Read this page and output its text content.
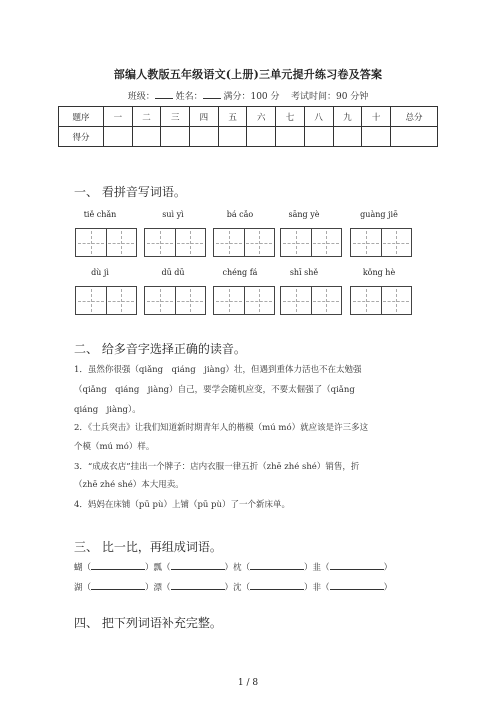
部编人教版五年级语文(上册)三单元提升练习卷及答案
班级： 姓名： 满分：100 分 考试时间：90 分钟
题序	一	二	三	四	五	六	七	八	九	十	总分
得分											
一、 看拼音写词语。
tiě chǎn	suì yì	bá cǎo	sāng yè	guàng jiē
dù jì	dū dū	chéng fá	shī shě	kǒng hè
二、 给多音字选择正确的读音。
1．虽然你很强（qiǎng　qiáng　jiàng）壮，但遇到重体力活也不在太勉强
（qiǎng　qiáng　jiàng）自己，要学会随机应变，不要太倔强了（qiǎng
qiáng　jiàng）。
2．《士兵突击》让我们知道新时期青年人的楷模（mú mó）就应该是许三多这
个模（mú mó）样。
3．“成成衣店”挂出一个牌子：店内衣服一律五折（zhē zhé shé）销售，折
（zhē zhé shé）本大甩卖。
4．妈妈在床铺（pū pù）上铺（pū pù）了一个新床单。
三、 比一比，再组成词语。
蝴（	）瓢（	）枕（	）韭（	）
湖（	）漂（	）沈（	）非（	）
四、 把下列词语补充完整。
1 / 8
